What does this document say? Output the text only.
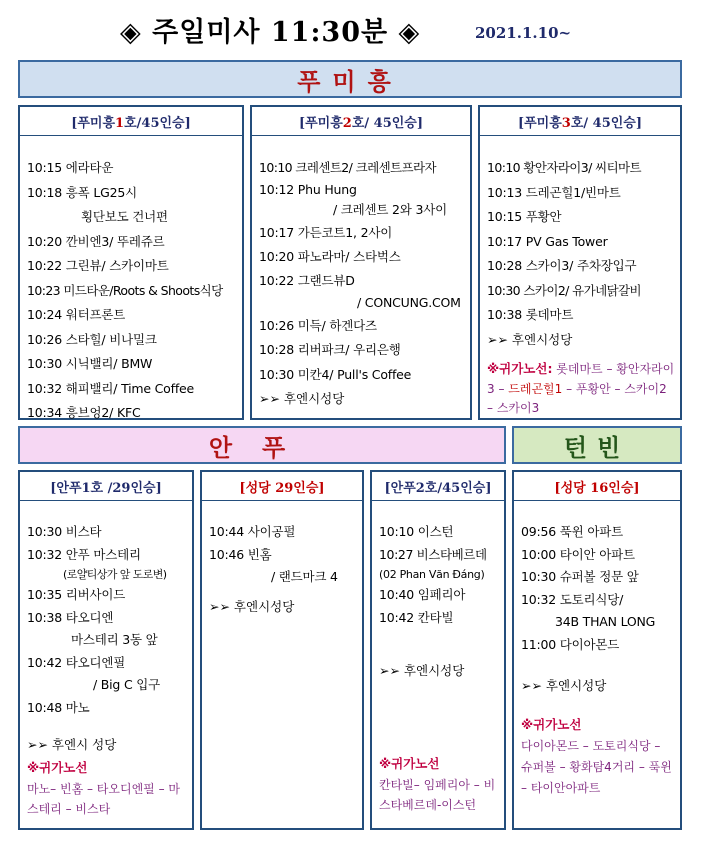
◈ 주일미사 11:30분 ◈	2021.1.10~
푸미흥
[푸미흥1호/45인승]
10:15 에라타운
10:18 흥폭 LG25시
횡단보도 건너편
10:20 깐비엔3/ 뚜레쥬르
10:22 그린뷰/ 스카이마트
10:23 미드타운/Roots & Shoots식당
10:24 워터프론트
10:26 스타힐/ 비나밀크
10:30 시닉밸리/ BMW
10:32 해피밸리/ Time Coffee
10:34 흥브엉2/ KFC
[푸미흥2호/ 45인승]
10:10 크레센트2/ 크레센트프라자
10:12 Phu Hung
/ 크레센트 2와 3사이
10:17 가든코트1, 2사이
10:20 파노라마/ 스타벅스
10:22 그랜드뷰D
/ CONCUNG.COM
10:26 미득/ 하겐다즈
10:28 리버파크/ 우리은행
10:30 미칸4/ Pull's Coffee
➢➢ 후엔시성당
[푸미흥3호/ 45인승]
10:10 황안자라이3/ 씨티마트
10:13 드레곤힐1/빈마트
10:15 푸황안
10:17 PV Gas Tower
10:28 스카이3/ 주차장입구
10:30 스카이2/ 유가네닭갈비
10:38 롯데마트
➢➢ 후엔시성당
※귀가노선: 롯데마트 – 황안자라이3 – 드레곤힐1 – 푸황안 – 스카이2 – 스카이3
안푸	턴빈
[안푸1호 /29인승]
10:30 비스타
10:32 안푸 마스테리
(로얄티상가 앞 도로변)
10:35 리버사이드
10:38 타오디엔
마스테리 3동 앞
10:42 타오디엔필
/ Big C 입구
10:48 마노
➢➢ 후엔시 성당
※귀가노선
마노– 빈홈 – 타오디엔필 – 마스테리 – 비스타
[성당 29인승]
10:44 사이공펄
10:46 빈홈
/ 랜드마크 4
➢➢ 후엔시성당
[안푸2호/45인승]
10:10 이스턴
10:27 비스타베르데
(02 Phan Văn Đáng)
10:40 임페리아
10:42 칸타빌
➢➢ 후엔시성당
※귀가노선
칸타빌– 임페리아 – 비스타베르데-이스턴
[성당 16인승]
09:56 푹윈 아파트
10:00 타이안 아파트
10:30 슈퍼볼 정문 앞
10:32 도토리식당/
34B THAN LONG
11:00 다이아몬드
➢➢ 후엔시성당
※귀가노선
다이아몬드 – 도토리식당 – 슈퍼볼 – 황화탐4거리 – 푹윈 – 타이안아파트
